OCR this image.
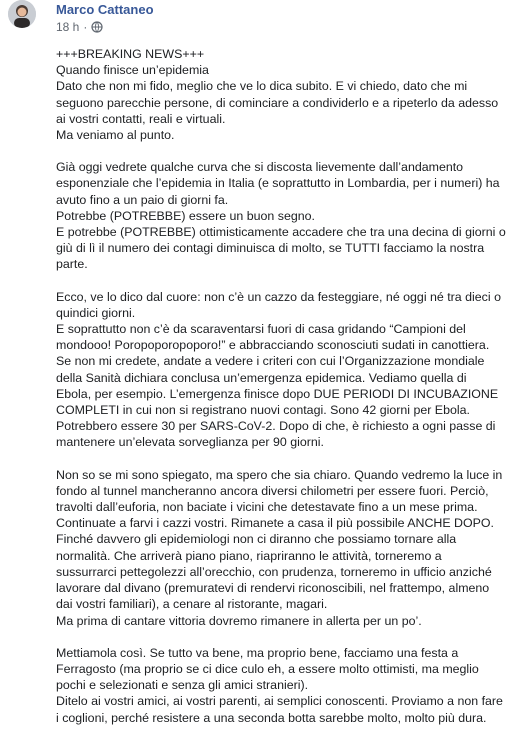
Marco Cattaneo
18 h ·
+++BREAKING NEWS+++
Quando finisce un’epidemia
Dato che non mi fido, meglio che ve lo dica subito. E vi chiedo, dato che mi
seguono parecchie persone, di cominciare a condividerlo e a ripeterlo da adesso
ai vostri contatti, reali e virtuali.
Ma veniamo al punto.
Già oggi vedrete qualche curva che si discosta lievemente dall’andamento
esponenziale che l’epidemia in Italia (e soprattutto in Lombardia, per i numeri) ha
avuto fino a un paio di giorni fa.
Potrebbe (POTREBBE) essere un buon segno.
E potrebbe (POTREBBE) ottimisticamente accadere che tra una decina di giorni o
giù di lì il numero dei contagi diminuisca di molto, se TUTTI facciamo la nostra
parte.
Ecco, ve lo dico dal cuore: non c’è un cazzo da festeggiare, né oggi né tra dieci o
quindici giorni.
E soprattutto non c’è da scaraventarsi fuori di casa gridando “Campioni del
mondooo! Poropoporopoporo!” e abbracciando sconosciuti sudati in canottiera.
Se non mi credete, andate a vedere i criteri con cui l’Organizzazione mondiale
della Sanità dichiara conclusa un’emergenza epidemica. Vediamo quella di
Ebola, per esempio. L’emergenza finisce dopo DUE PERIODI DI INCUBAZIONE
COMPLETI in cui non si registrano nuovi contagi. Sono 42 giorni per Ebola.
Potrebbero essere 30 per SARS-CoV-2. Dopo di che, è richiesto a ogni passe di
mantenere un’elevata sorveglianza per 90 giorni.
Non so se mi sono spiegato, ma spero che sia chiaro. Quando vedremo la luce in
fondo al tunnel mancheranno ancora diversi chilometri per essere fuori. Perciò,
travolti dall’euforia, non baciate i vicini che detestavate fino a un mese prima.
Continuate a farvi i cazzi vostri. Rimanete a casa il più possibile ANCHE DOPO.
Finché davvero gli epidemiologi non ci diranno che possiamo tornare alla
normalità. Che arriverà piano piano, riapriranno le attività, torneremo a
sussurrarci pettegolezzi all’orecchio, con prudenza, torneremo in ufficio anziché
lavorare dal divano (premuratevi di rendervi riconoscibili, nel frattempo, almeno
dai vostri familiari), a cenare al ristorante, magari.
Ma prima di cantare vittoria dovremo rimanere in allerta per un po’.
Mettiamola così. Se tutto va bene, ma proprio bene, facciamo una festa a
Ferragosto (ma proprio se ci dice culo eh, a essere molto ottimisti, ma meglio
pochi e selezionati e senza gli amici stranieri).
Ditelo ai vostri amici, ai vostri parenti, ai semplici conoscenti. Proviamo a non fare
i coglioni, perché resistere a una seconda botta sarebbe molto, molto più dura.
